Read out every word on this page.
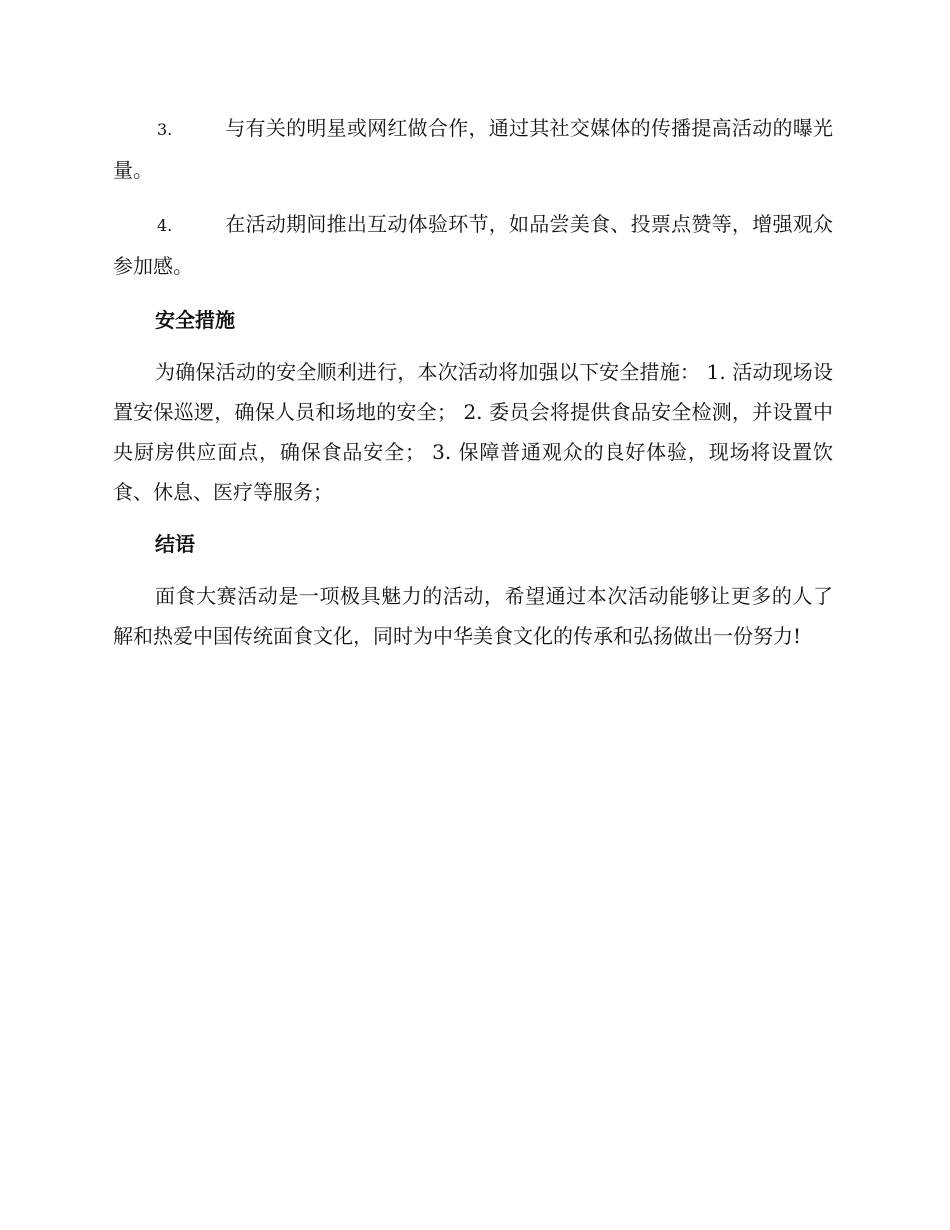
3.	与有关的明星或网红做合作，通过其社交媒体的传播提高活动的曝光量。

4.	在活动期间推出互动体验环节，如品尝美食、投票点赞等，增强观众参加感。

安全措施

为确保活动的安全顺利进行，本次活动将加强以下安全措施： 1. 活动现场设置安保巡逻，确保人员和场地的安全； 2. 委员会将提供食品安全检测，并设置中央厨房供应面点，确保食品安全； 3. 保障普通观众的良好体验，现场将设置饮食、休息、医疗等服务；

结语

面食大赛活动是一项极具魅力的活动，希望通过本次活动能够让更多的人了解和热爱中国传统面食文化，同时为中华美食文化的传承和弘扬做出一份努力!
